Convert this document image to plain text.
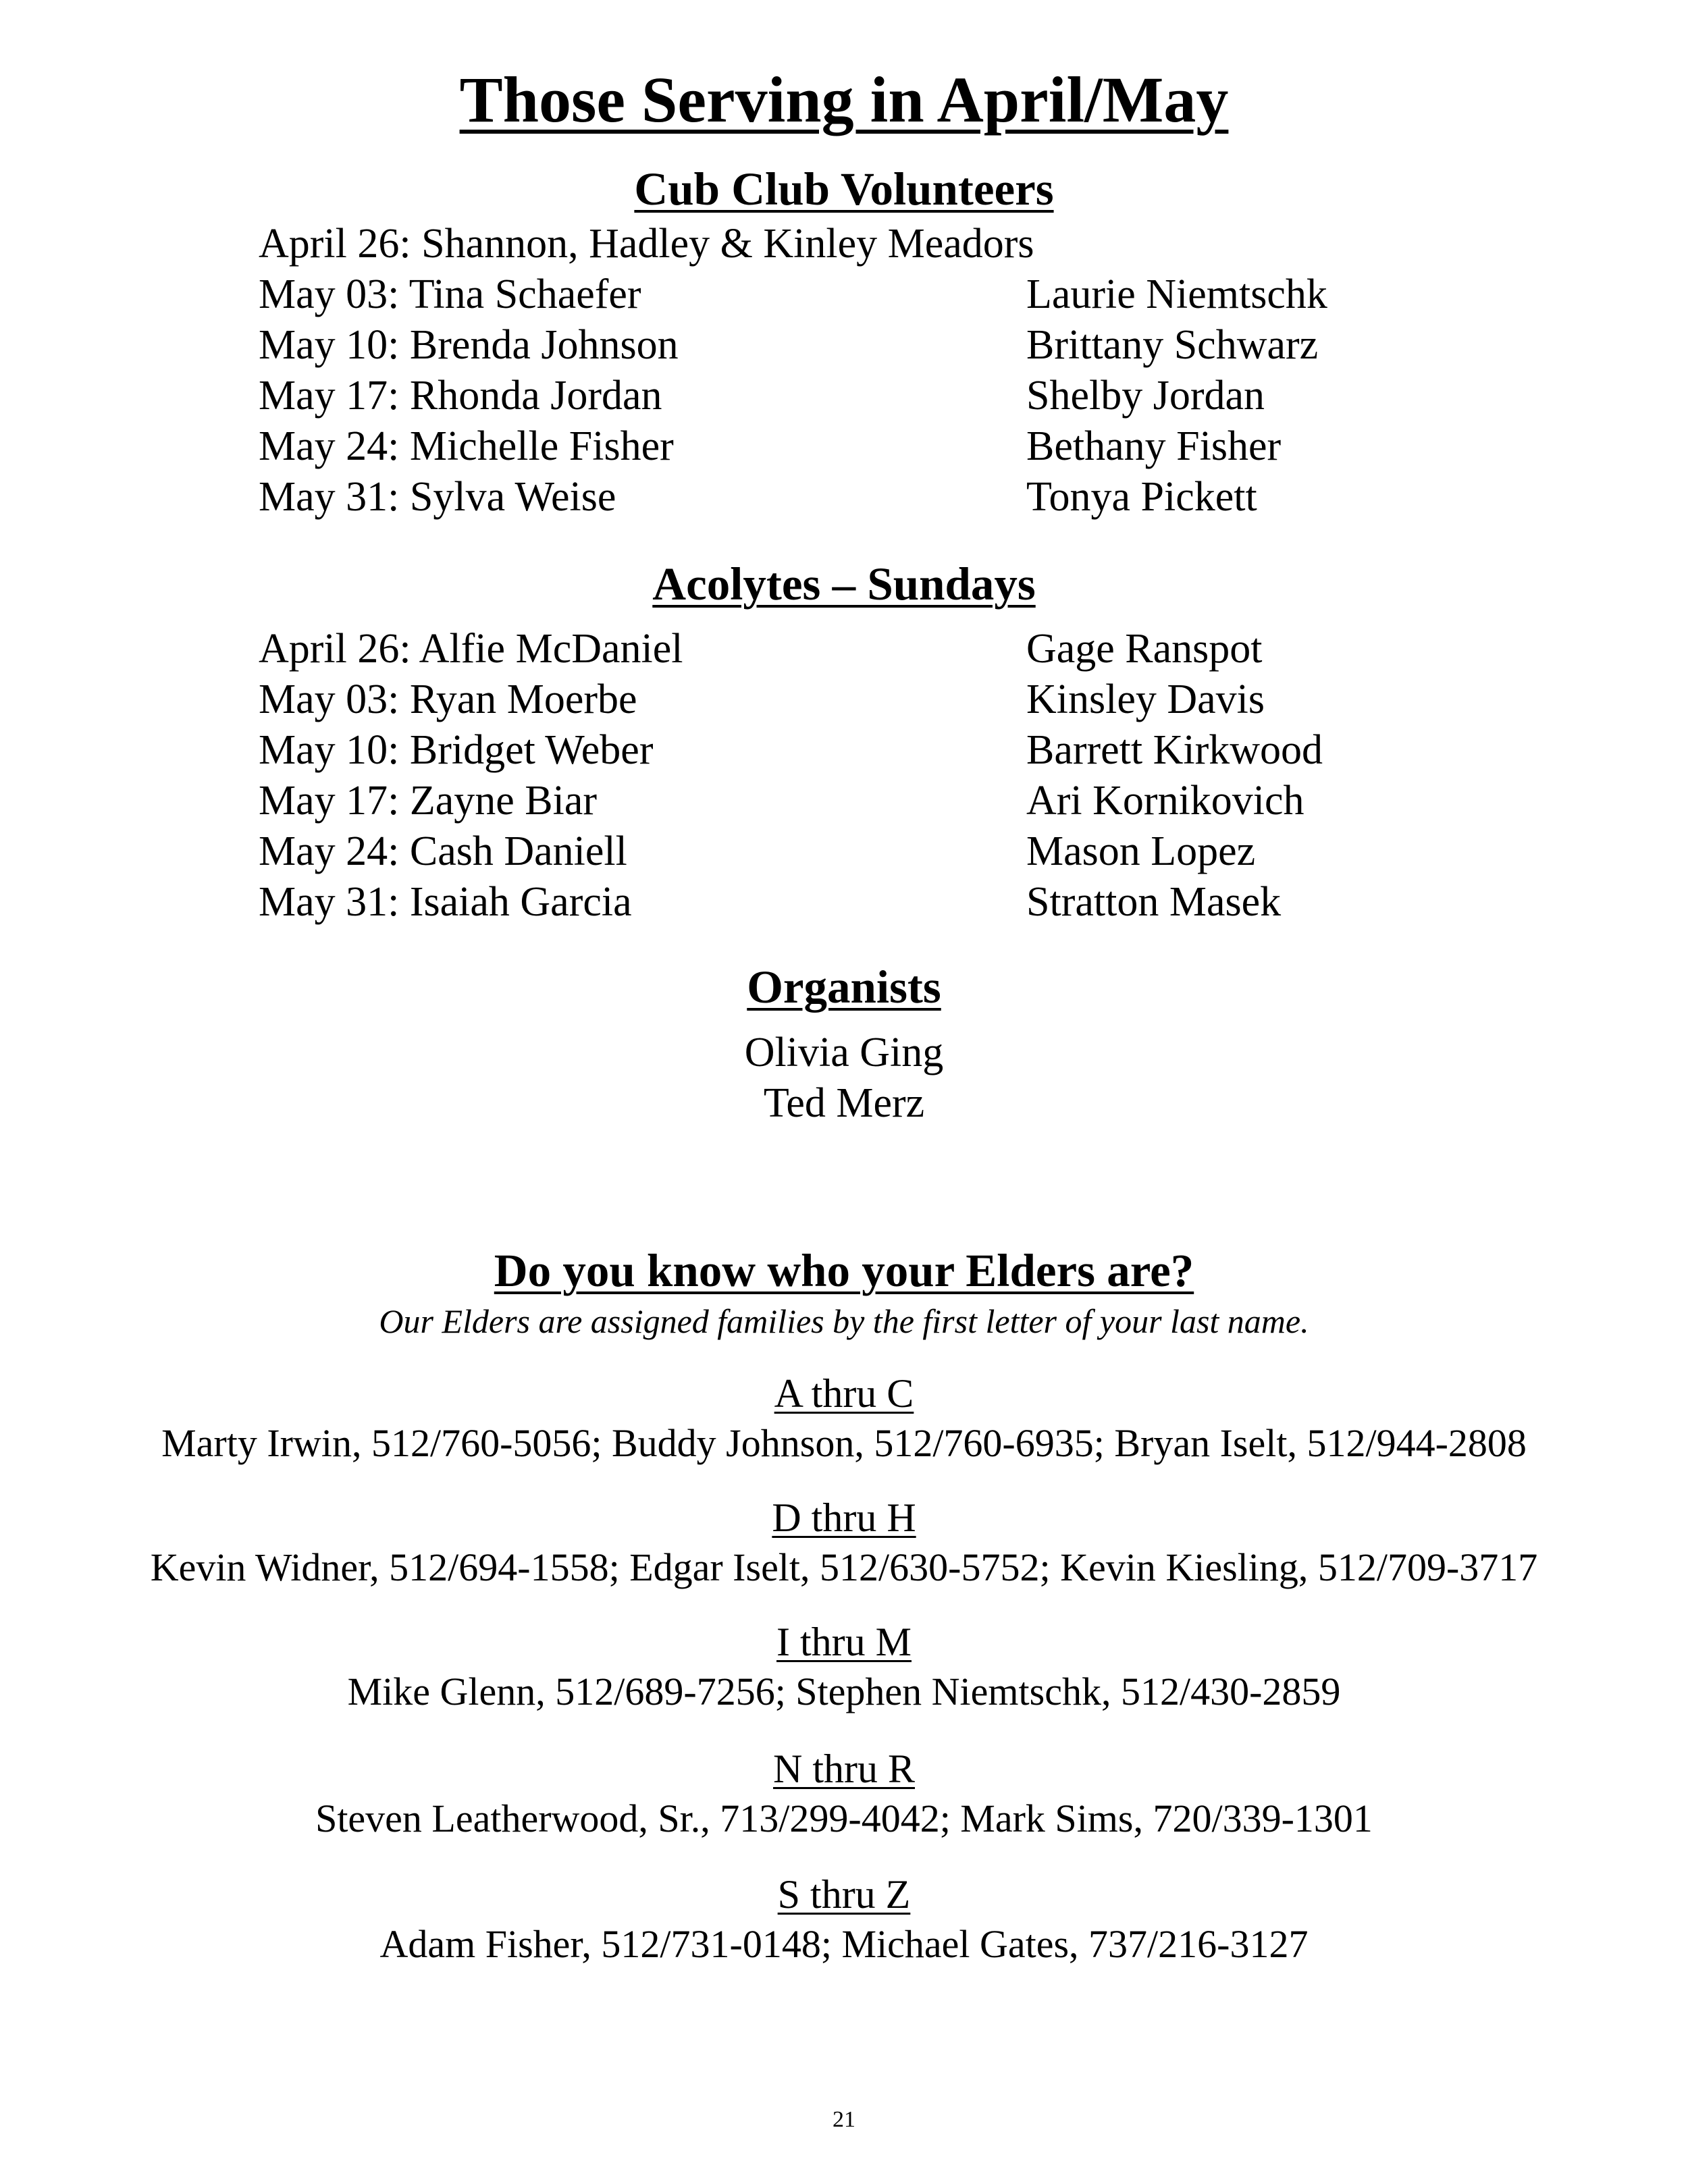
Those Serving in April/May
Cub Club Volunteers
April 26: Shannon, Hadley & Kinley Meadors
May 03: Tina Schaefer	Laurie Niemtschk
May 10: Brenda Johnson	Brittany Schwarz
May 17: Rhonda Jordan	Shelby Jordan
May 24: Michelle Fisher	Bethany Fisher
May 31: Sylva Weise	Tonya Pickett
Acolytes – Sundays
April 26: Alfie McDaniel	Gage Ranspot
May 03: Ryan Moerbe	Kinsley Davis
May 10: Bridget Weber	Barrett Kirkwood
May 17: Zayne Biar	Ari Kornikovich
May 24: Cash Daniell	Mason Lopez
May 31: Isaiah Garcia	Stratton Masek
Organists
Olivia Ging
Ted Merz
Do you know who your Elders are?
Our Elders are assigned families by the first letter of your last name.
A thru C
Marty Irwin, 512/760-5056; Buddy Johnson, 512/760-6935; Bryan Iselt, 512/944-2808
D thru H
Kevin Widner, 512/694-1558; Edgar Iselt, 512/630-5752; Kevin Kiesling, 512/709-3717
I thru M
Mike Glenn, 512/689-7256; Stephen Niemtschk, 512/430-2859
N thru R
Steven Leatherwood, Sr., 713/299-4042; Mark Sims, 720/339-1301
S thru Z
Adam Fisher, 512/731-0148; Michael Gates, 737/216-3127
21
